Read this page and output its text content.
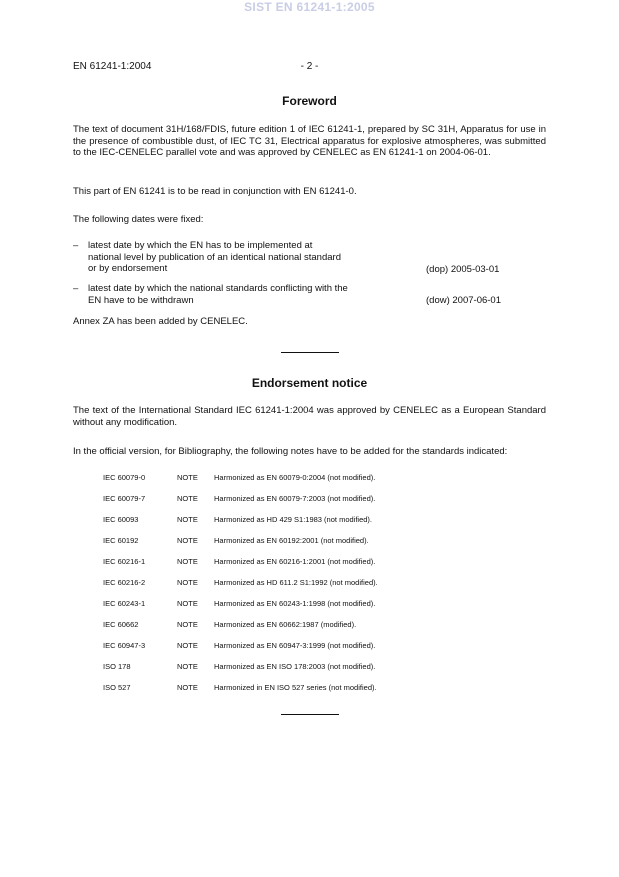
SIST EN 61241-1:2005
EN 61241-1:2004	- 2 -
Foreword
The text of document 31H/168/FDIS, future edition 1 of IEC 61241-1, prepared by SC 31H, Apparatus for use in the presence of combustible dust, of IEC TC 31, Electrical apparatus for explosive atmospheres, was submitted to the IEC-CENELEC parallel vote and was approved by CENELEC as EN 61241-1 on 2004-06-01.
This part of EN 61241 is to be read in conjunction with EN 61241-0.
The following dates were fixed:
– latest date by which the EN has to be implemented at national level by publication of an identical national standard or by endorsement	(dop) 2005-03-01
– latest date by which the national standards conflicting with the EN have to be withdrawn	(dow) 2007-06-01
Annex ZA has been added by CENELEC.
Endorsement notice
The text of the International Standard IEC 61241-1:2004 was approved by CENELEC as a European Standard without any modification.
In the official version, for Bibliography, the following notes have to be added for the standards indicated:
IEC 60079-0	NOTE Harmonized as EN 60079-0:2004 (not modified).
IEC 60079-7	NOTE Harmonized as EN 60079-7:2003 (not modified).
IEC 60093	NOTE Harmonized as HD 429 S1:1983 (not modified).
IEC 60192	NOTE Harmonized as EN 60192:2001 (not modified).
IEC 60216-1	NOTE Harmonized as EN 60216-1:2001 (not modified).
IEC 60216-2	NOTE Harmonized as HD 611.2 S1:1992 (not modified).
IEC 60243-1	NOTE Harmonized as EN 60243-1:1998 (not modified).
IEC 60662	NOTE Harmonized as EN 60662:1987 (modified).
IEC 60947-3	NOTE Harmonized as EN 60947-3:1999 (not modified).
ISO 178	NOTE Harmonized as EN ISO 178:2003 (not modified).
ISO 527	NOTE Harmonized in EN ISO 527 series (not modified).
